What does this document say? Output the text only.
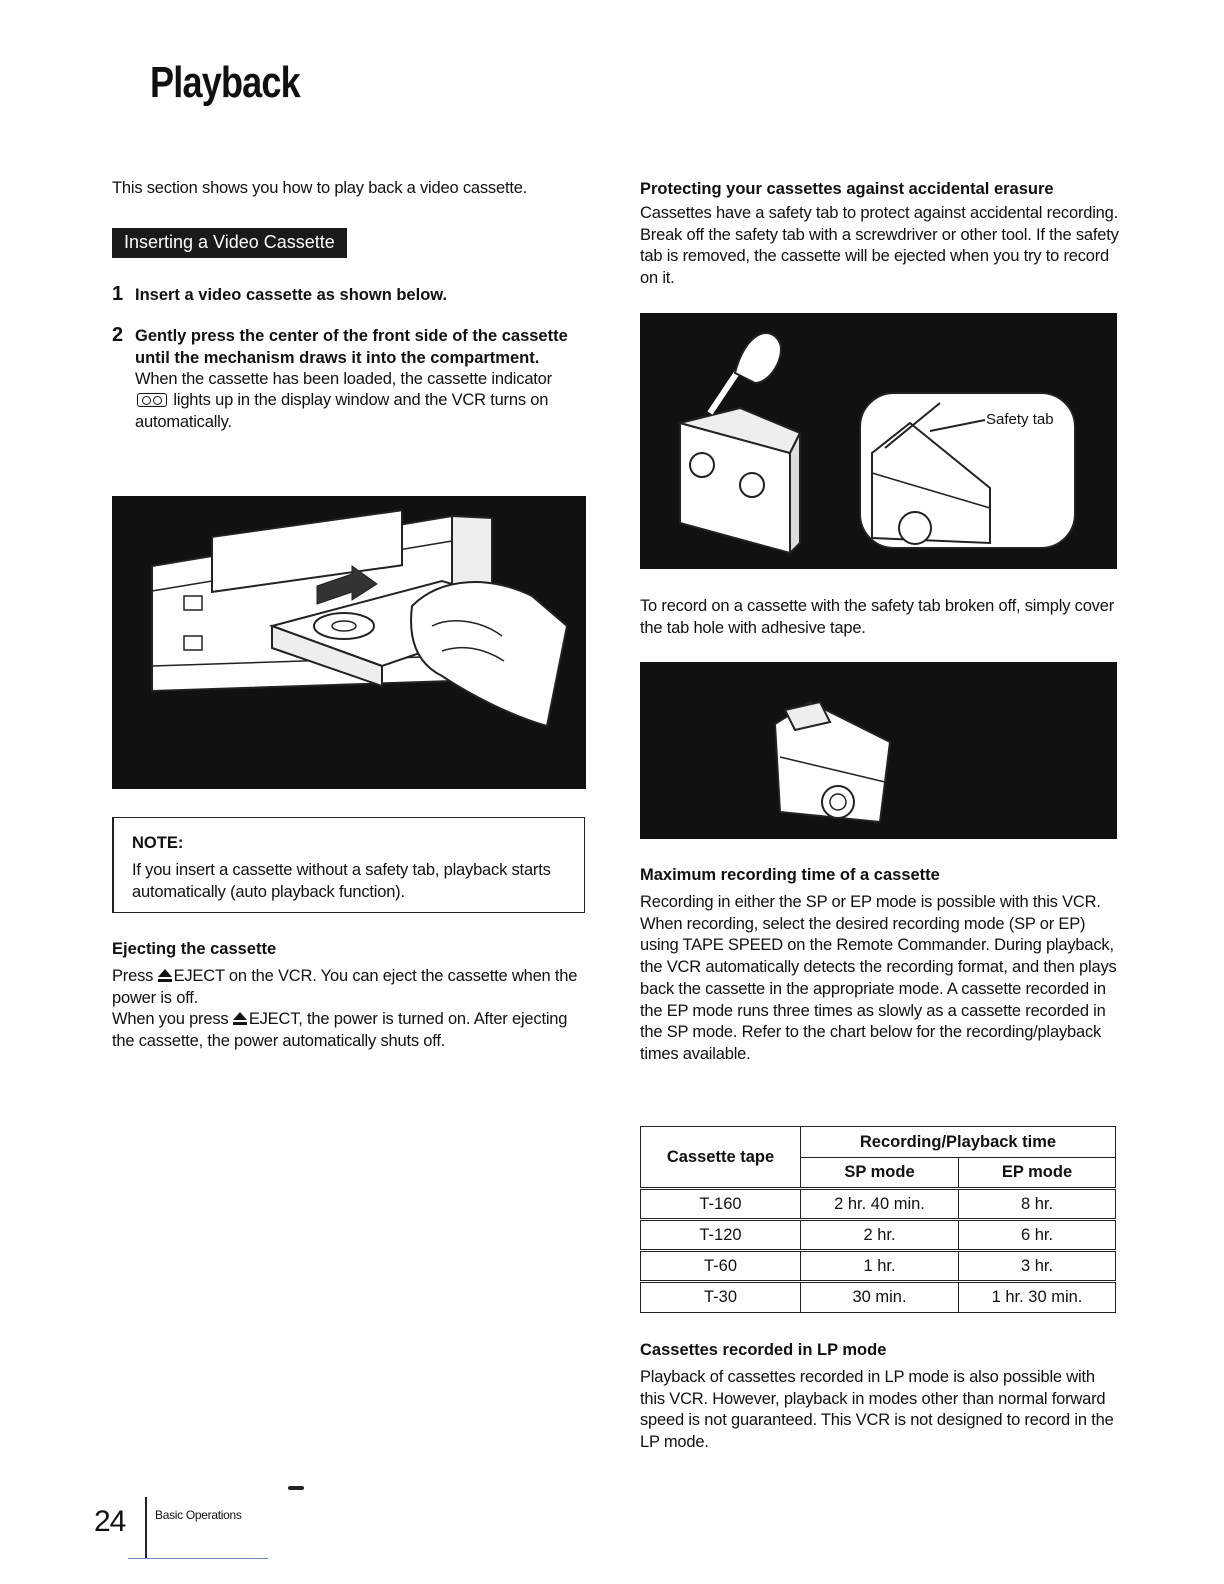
Playback

This section shows you how to play back a video cassette.

Inserting a Video Cassette
1 Insert a video cassette as shown below.
2 Gently press the center of the front side of the cassette until the mechanism draws it into the compartment.
When the cassette has been loaded, the cassette indicator  lights up in the display window and the VCR turns on automatically.
NOTE:

If you insert a cassette without a safety tab, playback starts automatically (auto playback function).

Ejecting the cassette

Press EJECT on the VCR. You can eject the cassette when the power is off.

When you press EJECT, the power is turned on. After ejecting the cassette, the power automatically shuts off.

Protecting your cassettes against accidental erasure

Cassettes have a safety tab to protect against accidental recording. Break off the safety tab with a screwdriver or other tool. If the safety tab is removed, the cassette will be ejected when you try to record on it.

Safety tab

To record on a cassette with the safety tab broken off, simply cover the tab hole with adhesive tape.

Maximum recording time of a cassette

Recording in either the SP or EP mode is possible with this VCR. When recording, select the desired recording mode (SP or EP) using TAPE SPEED on the Remote Commander. During playback, the VCR automatically detects the recording format, and then plays back the cassette in the appropriate mode. A cassette recorded in the EP mode runs three times as slowly as a cassette recorded in the SP mode. Refer to the chart below for the recording/playback times available.

Cassette tape	Recording/Playback time	
	SP mode	EP mode
T-160	2 hr. 40 min.	8 hr.
T-120	2 hr.	6 hr.
T-60	1 hr.	3 hr.
T-30	30 min.	1 hr. 30 min.
Cassettes recorded in LP mode

Playback of cassettes recorded in LP mode is also possible with this VCR. However, playback in modes other than normal forward speed is not guaranteed. This VCR is not designed to record in the LP mode.

24 Basic Operations
